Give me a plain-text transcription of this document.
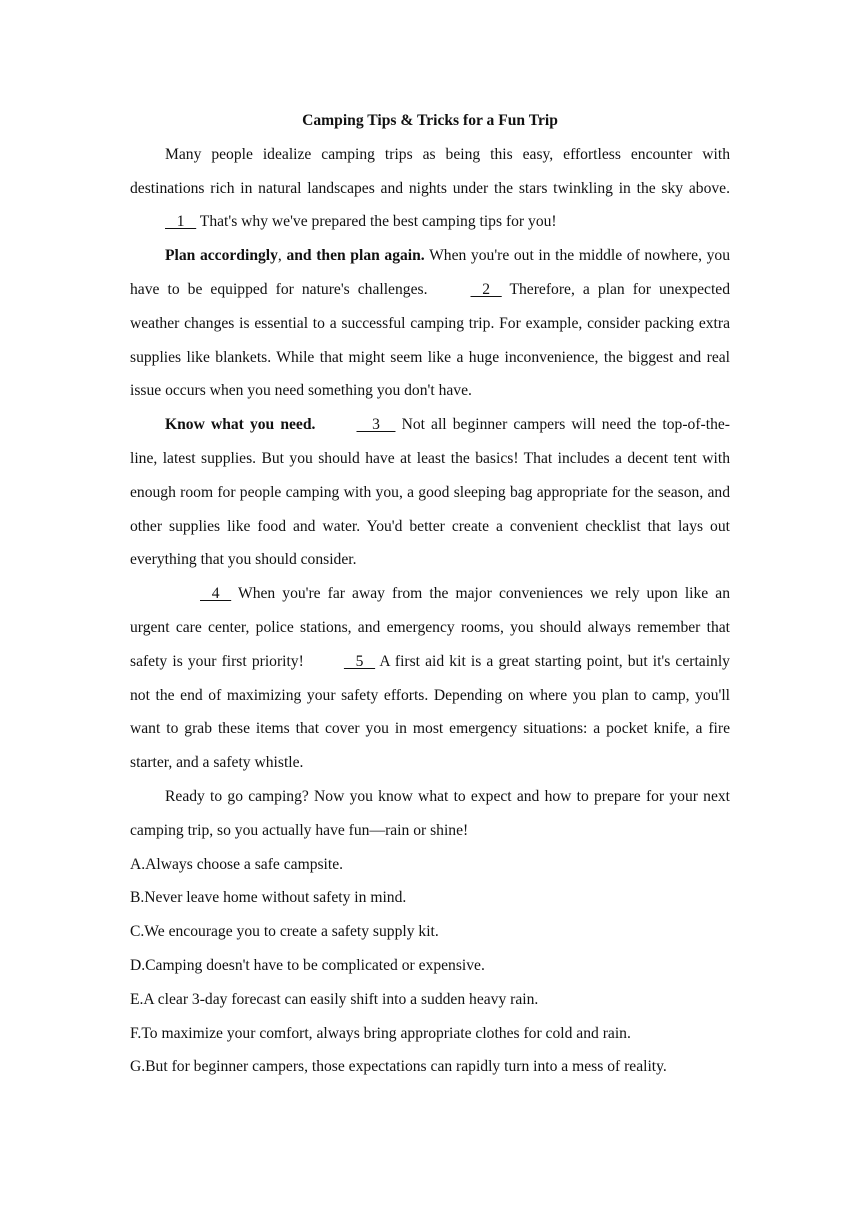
Camping Tips & Tricks for a Fun Trip

Many people idealize camping trips as being this easy, effortless encounter with destinations rich in natural landscapes and nights under the stars twinkling in the sky above.    1    That's why we've prepared the best camping tips for you!

Plan accordingly, and then plan again. When you're out in the middle of nowhere, you have to be equipped for nature's challenges.	2    Therefore, a plan for unexpected weather changes is essential to a successful camping trip. For example, consider packing extra supplies like blankets. While that might seem like a huge inconvenience, the biggest and real issue occurs when you need something you don't have.

Know what you need.	3     Not all beginner campers will need the top-of-the-line, latest supplies. But you should have at least the basics! That includes a decent tent with enough room for people camping with you, a good sleeping bag appropriate for the season, and other supplies like food and water. You'd better create a convenient checklist that lays out everything that you should consider.

4    When you're far away from the major conveniences we rely upon like an urgent care center, police stations, and emergency rooms, you should always remember that safety is your first priority!	5    A first aid kit is a great starting point, but it's certainly not the end of maximizing your safety efforts. Depending on where you plan to camp, you'll want to grab these items that cover you in most emergency situations: a pocket knife, a fire starter, and a safety whistle.

Ready to go camping? Now you know what to expect and how to prepare for your next camping trip, so you actually have fun—rain or shine!

A.Always choose a safe campsite.

B.Never leave home without safety in mind.

C.We encourage you to create a safety supply kit.

D.Camping doesn't have to be complicated or expensive.

E.A clear 3-day forecast can easily shift into a sudden heavy rain.

F.To maximize your comfort, always bring appropriate clothes for cold and rain.

G.But for beginner campers, those expectations can rapidly turn into a mess of reality.
